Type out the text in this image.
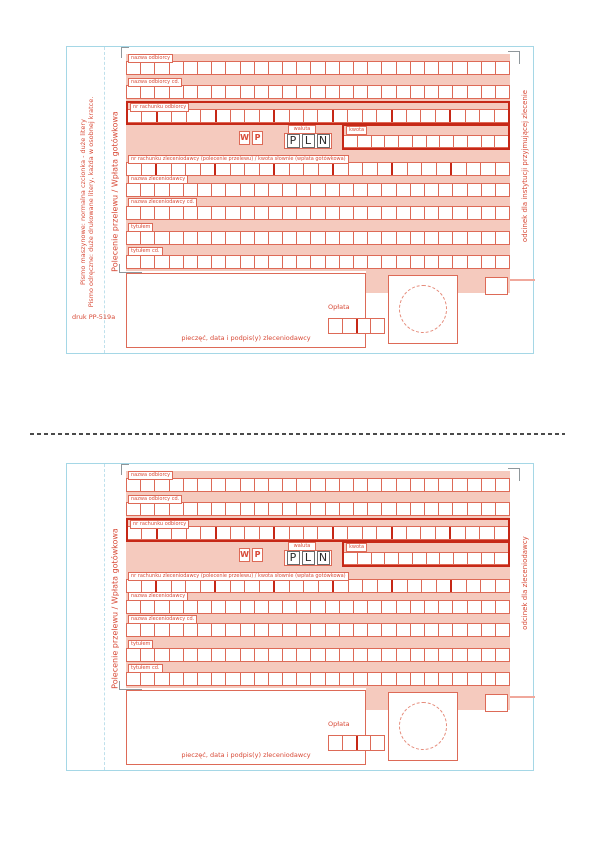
Pismo maszynowe: normalna czcionka - duże litery Pismo odręczne: duże drukowane litery, każda w osobnej kratce.
druk PP-519a
Polecenie przelewu / Wpłata gotówkowa	odcinek dla instytucji przyjmującej zlecenie
nazwa odbiorcy
nazwa odbiorcy cd.
nr rachunku odbiorcy
W P
waluta
P L N
kwota
nr rachunku zleceniodawcy (polecenie przelewu) / kwota słownie (wpłata gotówkowa)
nazwa zleceniodawcy
nazwa zleceniodawcy cd.
tytułem
tytułem cd.
pieczęć, data i podpis(y) zleceniodawcy
Opłata
Polecenie przelewu / Wpłata gotówkowa	odcinek dla zleceniodawcy
nazwa odbiorcy
nazwa odbiorcy cd.
nr rachunku odbiorcy
W P
waluta
P L N
kwota
nr rachunku zleceniodawcy (polecenie przelewu) / kwota słownie (wpłata gotówkowa)
nazwa zleceniodawcy
nazwa zleceniodawcy cd.
tytułem
tytułem cd.
pieczęć, data i podpis(y) zleceniodawcy
Opłata
